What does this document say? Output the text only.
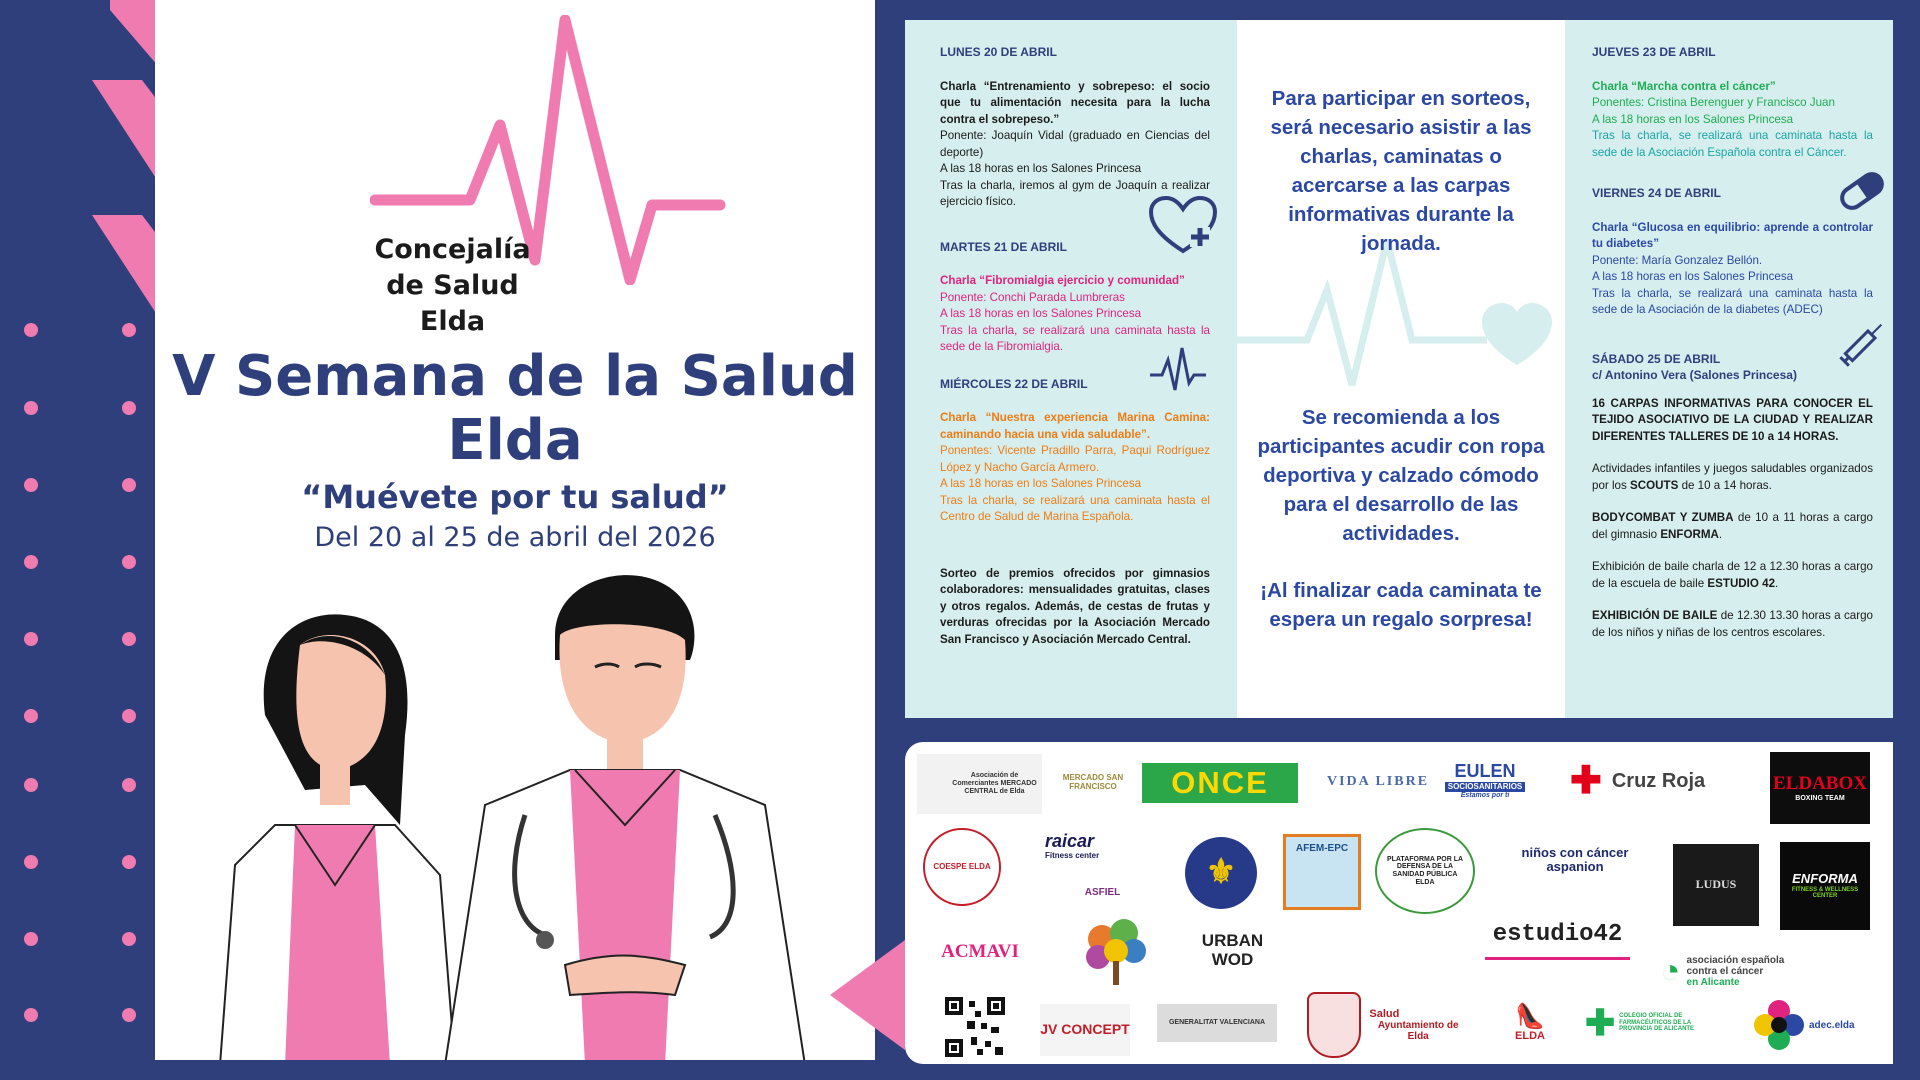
Concejalía
de Salud
Elda
V Semana de la Salud
Elda
“Muévete por tu salud”
Del 20 al 25 de abril del 2026
LUNES 20 DE ABRIL
Charla “Entrenamiento y sobrepeso: el socio que tu alimentación necesita para la lucha contra el sobrepeso.”
Ponente: Joaquín Vidal (graduado en Ciencias del deporte)
A las 18 horas en los Salones Princesa
Tras la charla, iremos al gym de Joaquín a realizar ejercicio físico.
MARTES 21 DE ABRIL
Charla “Fibromialgia ejercicio y comunidad”
Ponente: Conchi Parada Lumbreras
A las 18 horas en los Salones Princesa
Tras la charla, se realizará una caminata hasta la sede de la Fibromialgia.
MIÉRCOLES 22 DE ABRIL
Charla “Nuestra experiencia Marina Camina: caminando hacia una vida saludable”.
Ponentes: Vicente Pradillo Parra, Paqui Rodríguez López y Nacho García Armero.
A las 18 horas en los Salones Princesa
Tras la charla, se realizará una caminata hasta el Centro de Salud de Marina Española.
Sorteo de premios ofrecidos por gimnasios colaboradores: mensualidades gratuitas, clases y otros regalos. Además, de cestas de frutas y verduras ofrecidas por la Asociación Mercado San Francisco y Asociación Mercado Central.
Para participar en sorteos, será necesario asistir a las charlas, caminatas o acercarse a las carpas informativas durante la jornada.
Se recomienda a los participantes acudir con ropa deportiva y calzado cómodo para el desarrollo de las actividades.
¡Al finalizar cada caminata te espera un regalo sorpresa!
JUEVES 23 DE ABRIL
Charla “Marcha contra el cáncer”
Ponentes: Cristina Berenguer y Francisco Juan
A las 18 horas en los Salones Princesa
Tras la charla, se realizará una caminata hasta la sede de la Asociación Española contra el Cáncer.
VIERNES 24 DE ABRIL
Charla “Glucosa en equilibrio: aprende a controlar tu diabetes”
Ponente: María Gonzalez Bellón.
A las 18 horas en los Salones Princesa
Tras la charla, se realizará una caminata hasta la sede de la Asociación de la diabetes (ADEC)
SÁBADO 25 DE ABRIL
c/ Antonino Vera (Salones Princesa)
16 CARPAS INFORMATIVAS PARA CONOCER EL TEJIDO ASOCIATIVO DE LA CIUDAD Y REALIZAR DIFERENTES TALLERES DE 10 a 14 HORAS.
Actividades infantiles y juegos saludables organizados por los SCOUTS de 10 a 14 horas.
BODYCOMBAT Y ZUMBA de 10 a 11 horas a cargo del gimnasio ENFORMA.
Exhibición de baile charla de 12 a 12.30 horas a cargo de la escuela de baile ESTUDIO 42.
EXHIBICIÓN DE BAILE de 12.30 13.30 horas a cargo de los niños y niñas de los centros escolares.
Asociación de Comerciantes MERCADO CENTRAL de Elda
MERCADO SAN FRANCISCO	ONCE	VIDA LIBRE
EULEN
SOCIOSANITARIOS
Estamos por ti ✚ Cruz Roja	ELDABOX
BOXING TEAM
COESPE ELDA
raicar
Fitness center
ASFIEL
⚜
AFEM-EPC
PLATAFORMA POR LA DEFENSA DE LA SANIDAD PÚBLICA ELDA
niños con cáncer aspanion
LUDUS	ENFORMA
FITNESS & WELLNESS CENTER
ACMAVI	URBAN WOD
estudio42
◔ asociación española
contra el cáncer
en Alicante
JV CONCEPT	GENERALITAT VALENCIANA
Salud
Ayuntamiento de Elda
👠
ELDA ✚ COLEGIO OFICIAL DE FARMACÉUTICOS DE LA PROVINCIA DE ALICANTE	adec.elda
